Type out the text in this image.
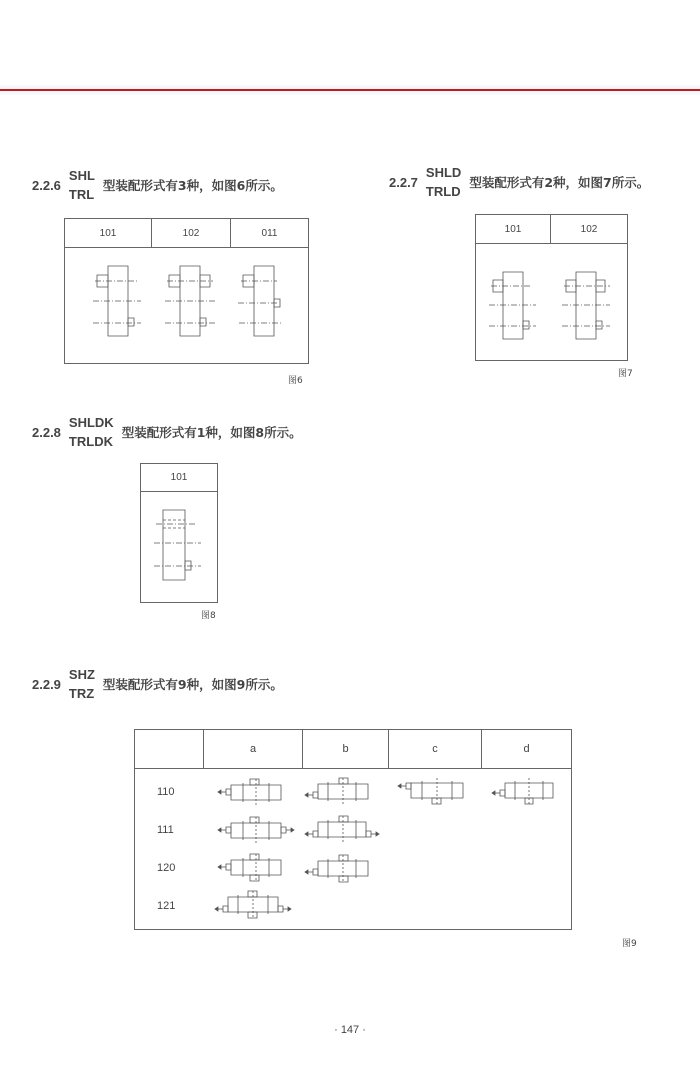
2.2.6
SHL
TRL
型装配形式有3种，如图6所示。
101	102	011
图6
2.2.7
SHLD
TRLD
型装配形式有2种，如图7所示。
101	102
图7
2.2.8
SHLDK
TRLDK
型装配形式有1种，如图8所示。
101
图8
2.2.9
SHZ
TRZ
型装配形式有9种，如图9所示。
a	b	c	d
110
111
120
121
图9
· 147 ·
